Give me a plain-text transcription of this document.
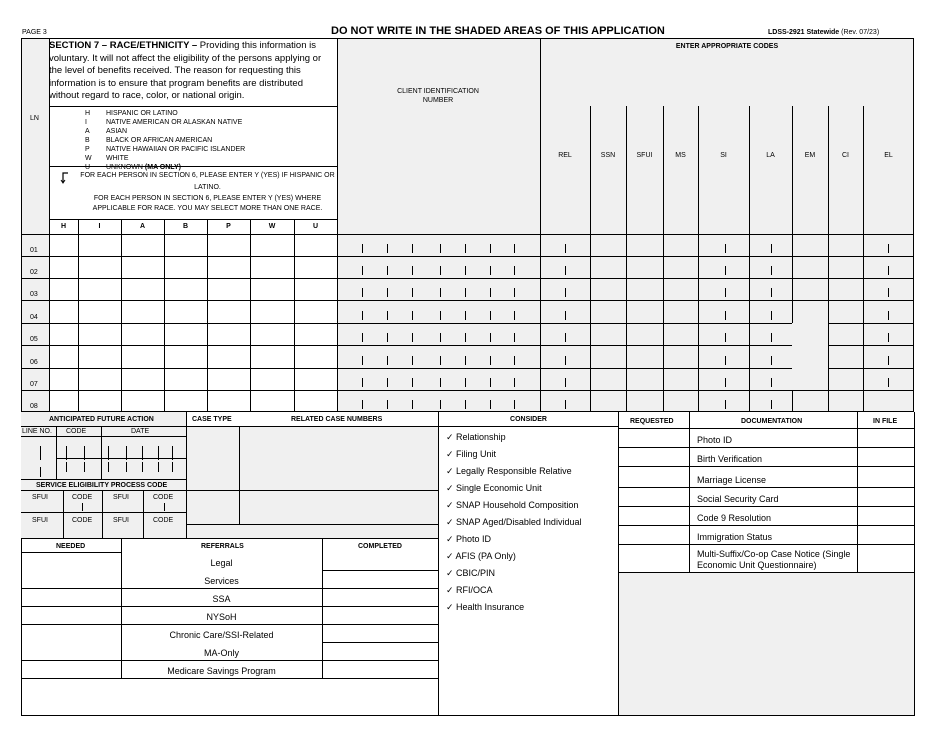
PAGE 3	DO NOT WRITE IN THE SHADED AREAS OF THIS APPLICATION	LDSS-2921 Statewide (Rev. 07/23)
LN
SECTION 7 – RACE/ETHNICITY – Providing this information is voluntary. It will not affect the eligibility of the persons applying or the level of benefits received. The reason for requesting this information is to ensure that program benefits are distributed without regard to race, color, or national origin.
H	HISPANIC OR LATINO
I	NATIVE AMERICAN OR ALASKAN NATIVE
A	ASIAN
B	BLACK OR AFRICAN AMERICAN
P	NATIVE HAWAIIAN OR PACIFIC ISLANDER
W	WHITE
U	UNKNOWN
(MA ONLY)
FOR EACH PERSON IN SECTION 6, PLEASE ENTER Y (YES) IF HISPANIC OR LATINO.
FOR EACH PERSON IN SECTION 6, PLEASE ENTER Y (YES) WHERE APPLICABLE FOR RACE. YOU MAY SELECT MORE THAN ONE RACE.
CLIENT IDENTIFICATION NUMBER
ENTER APPROPRIATE CODES
H	I	A	B	P	W	U
REL	SSN	SFUI	MS	SI	LA	EM	CI	EL
01
02
03
04
05
06
07
08
ANTICIPATED FUTURE ACTION
LINE NO. CODE	DATE
CASE TYPE	RELATED CASE NUMBERS
SERVICE ELIGIBILITY PROCESS CODE
SFUI	CODE	SFUI	CODE
SFUI	CODE	SFUI	CODE
NEEDED	REFERRALS	COMPLETED
Legal
Services
SSA
NYSoH
Chronic Care/SSI-Related
MA-Only
Medicare Savings Program
CONSIDER
✓ Relationship
✓ Filing Unit
✓ Legally Responsible Relative
✓ Single Economic Unit
✓ SNAP Household Composition
✓ SNAP Aged/Disabled Individual
✓ Photo ID
✓ AFIS (PA Only)
✓ CBIC/PIN
✓ RFI/OCA
✓ Health Insurance
REQUESTED	DOCUMENTATION	IN FILE
Photo ID
Birth Verification
Marriage License
Social Security Card
Code 9 Resolution
Immigration Status
Multi-Suffix/Co-op Case Notice (Single Economic Unit Questionnaire)
